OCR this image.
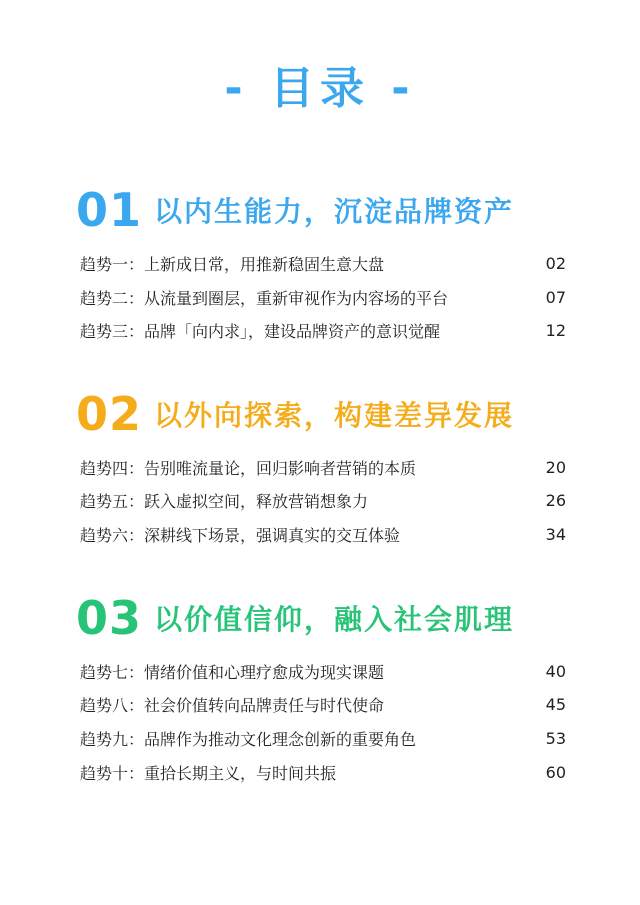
- 目录 -
01 以内生能力，沉淀品牌资产
趋势一： 上新成日常，用推新稳固生意大盘	02
趋势二： 从流量到圈层，重新审视作为内容场的平台	07
趋势三： 品牌「向内求」，建设品牌资产的意识觉醒	12
02 以外向探索，构建差异发展
趋势四： 告别唯流量论，回归影响者营销的本质	20
趋势五： 跃入虚拟空间，释放营销想象力	26
趋势六： 深耕线下场景，强调真实的交互体验	34
03 以价值信仰，融入社会肌理
趋势七： 情绪价值和心理疗愈成为现实课题	40
趋势八： 社会价值转向品牌责任与时代使命	45
趋势九： 品牌作为推动文化理念创新的重要角色	53
趋势十： 重拾长期主义，与时间共振	60
